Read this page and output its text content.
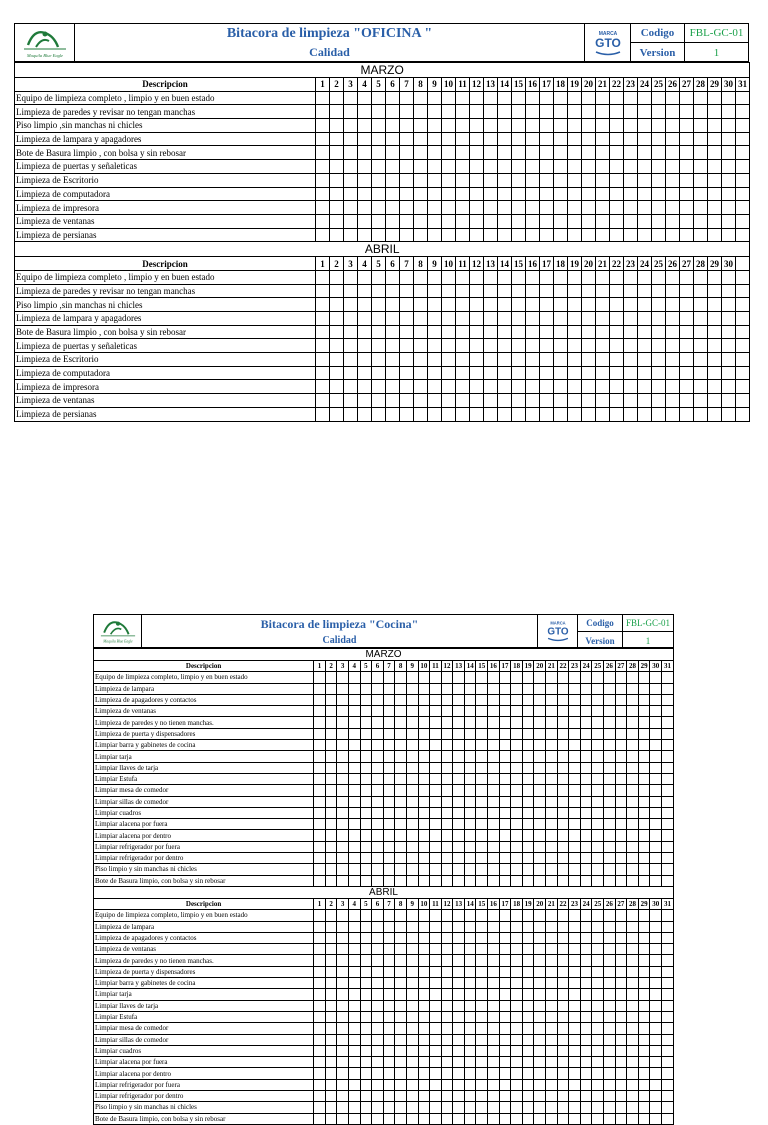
Maquila Blue Eagle
Bitacora de limpieza "OFICINA "
Calidad
MARCA
GTO
Codigo	FBL-GC-01
Version	1
MARZO																															
Descripcion	1	2	3	4	5	6	7	8	9	10	11	12	13	14	15	16	17	18	19	20	21	22	23	24	25	26	27	28	29	30	31
Equipo de limpieza completo , limpio y en buen estado																															
Limpieza de paredes y revisar no tengan manchas																															
Piso limpio ,sin manchas ni chicles																															
Limpieza de lampara y apagadores																															
Bote de Basura limpio , con bolsa y sin rebosar																															
Limpieza de puertas y señaleticas																															
Limpieza de Escritorio																															
Limpieza de computadora																															
Limpieza de impresora																															
Limpieza de ventanas																															
Limpieza de persianas																															
ABRIL																															
Descripcion	1	2	3	4	5	6	7	8	9	10	11	12	13	14	15	16	17	18	19	20	21	22	23	24	25	26	27	28	29	30	
Equipo de limpieza completo , limpio y en buen estado																															
Limpieza de paredes y revisar no tengan manchas																															
Piso limpio ,sin manchas ni chicles																															
Limpieza de lampara y apagadores																															
Bote de Basura limpio , con bolsa y sin rebosar																															
Limpieza de puertas y señaleticas																															
Limpieza de Escritorio																															
Limpieza de computadora																															
Limpieza de impresora																															
Limpieza de ventanas																															
Limpieza de persianas																															
Maquila Blue Eagle
Bitacora de limpieza "Cocina"
Calidad
MARCA
GTO
Codigo	FBL-GC-01
Version	1
MARZO																															
Descripcion	1	2	3	4	5	6	7	8	9	10	11	12	13	14	15	16	17	18	19	20	21	22	23	24	25	26	27	28	29	30	31
Equipo de limpieza completo, limpio y en buen estado																															
Limpieza de lampara																															
Limpieza de apagadores y contactos																															
Limpieza de ventanas																															
Limpieza de paredes y no tienen manchas.																															
Limpieza de puerta y dispensadores																															
Limpiar barra y gabinetes de cocina																															
Limpiar tarja																															
Limpiar llaves de tarja																															
Limpiar Estufa																															
Limpiar mesa de comedor																															
Limpiar sillas de comedor																															
Limpiar cuadros																															
Limpiar alacena por fuera																															
Limpiar alacena por dentro																															
Limpiar refrigerador por fuera																															
Limpiar refrigerador por dentro																															
Piso limpio y sin manchas ni chicles																															
Bote de Basura limpio, con bolsa y sin rebosar																															
ABRIL																															
Descripcion	1	2	3	4	5	6	7	8	9	10	11	12	13	14	15	16	17	18	19	20	21	22	23	24	25	26	27	28	29	30	31
Equipo de limpieza completo, limpio y en buen estado																															
Limpieza de lampara																															
Limpieza de apagadores y contactos																															
Limpieza de ventanas																															
Limpieza de paredes y no tienen manchas.																															
Limpieza de puerta y dispensadores																															
Limpiar barra y gabinetes de cocina																															
Limpiar tarja																															
Limpiar llaves de tarja																															
Limpiar Estufa																															
Limpiar mesa de comedor																															
Limpiar sillas de comedor																															
Limpiar cuadros																															
Limpiar alacena por fuera																															
Limpiar alacena por dentro																															
Limpiar refrigerador por fuera																															
Limpiar refrigerador por dentro																															
Piso limpio y sin manchas ni chicles																															
Bote de Basura limpio, con bolsa y sin rebosar																															
